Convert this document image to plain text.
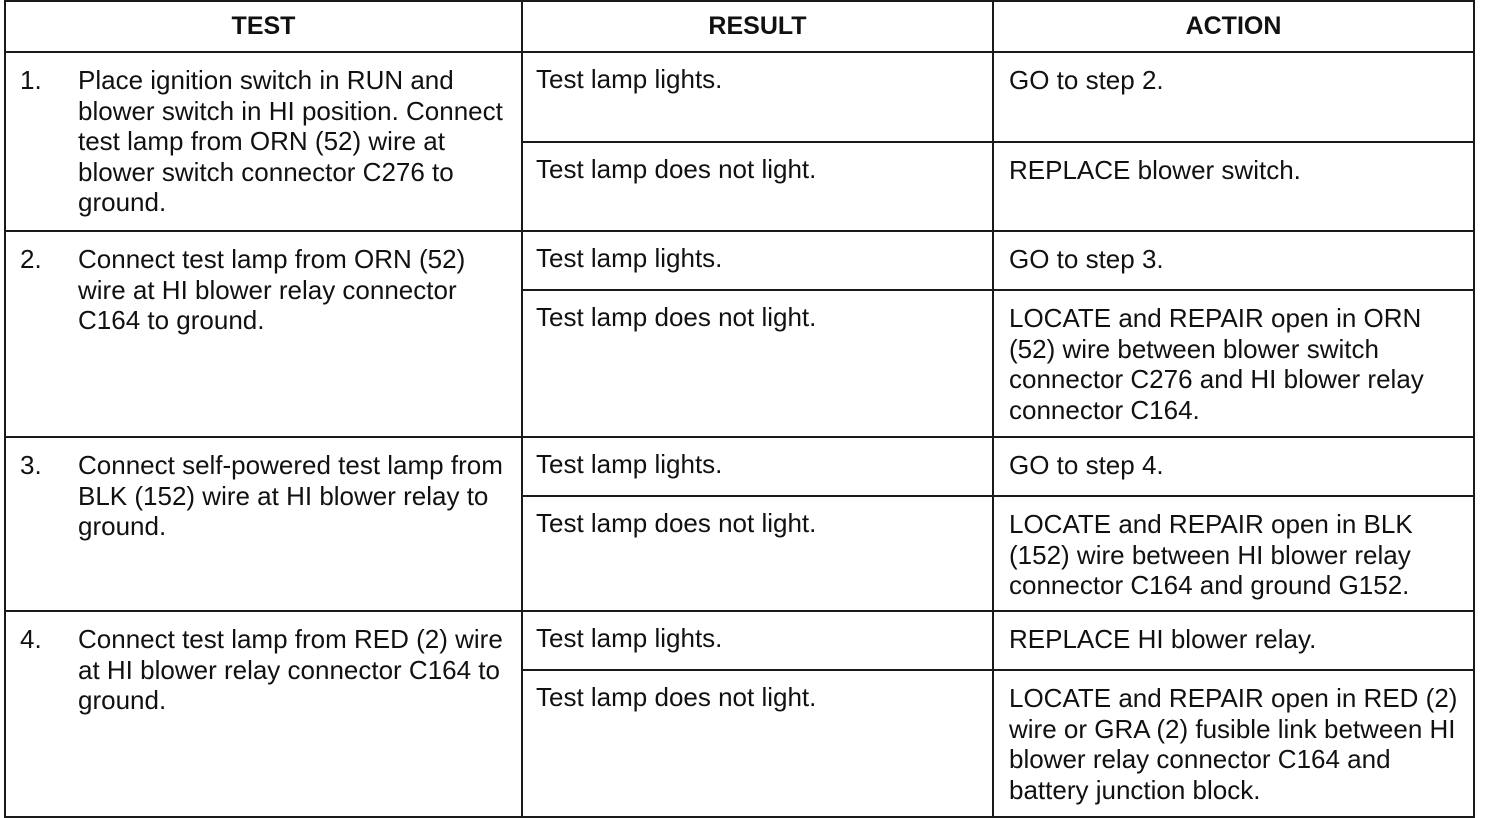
TEST	RESULT	ACTION

1. Place ignition switch in RUN and blower switch in HI position. Connect test lamp from ORN (52) wire at blower switch connector C276 to ground.	Test lamp lights.	GO to step 2.
	Test lamp does not light.	REPLACE blower switch.

2. Connect test lamp from ORN (52) wire at HI blower relay connector C164 to ground.	Test lamp lights.	GO to step 3.
	Test lamp does not light.	LOCATE and REPAIR open in ORN (52) wire between blower switch connector C276 and HI blower relay connector C164.

3. Connect self-powered test lamp from BLK (152) wire at HI blower relay to ground.	Test lamp lights.	GO to step 4.
	Test lamp does not light.	LOCATE and REPAIR open in BLK (152) wire between HI blower relay connector C164 and ground G152.

4. Connect test lamp from RED (2) wire at HI blower relay connector C164 to ground.	Test lamp lights.	REPLACE HI blower relay.
	Test lamp does not light.	LOCATE and REPAIR open in RED (2) wire or GRA (2) fusible link between HI blower relay connector C164 and battery junction block.
